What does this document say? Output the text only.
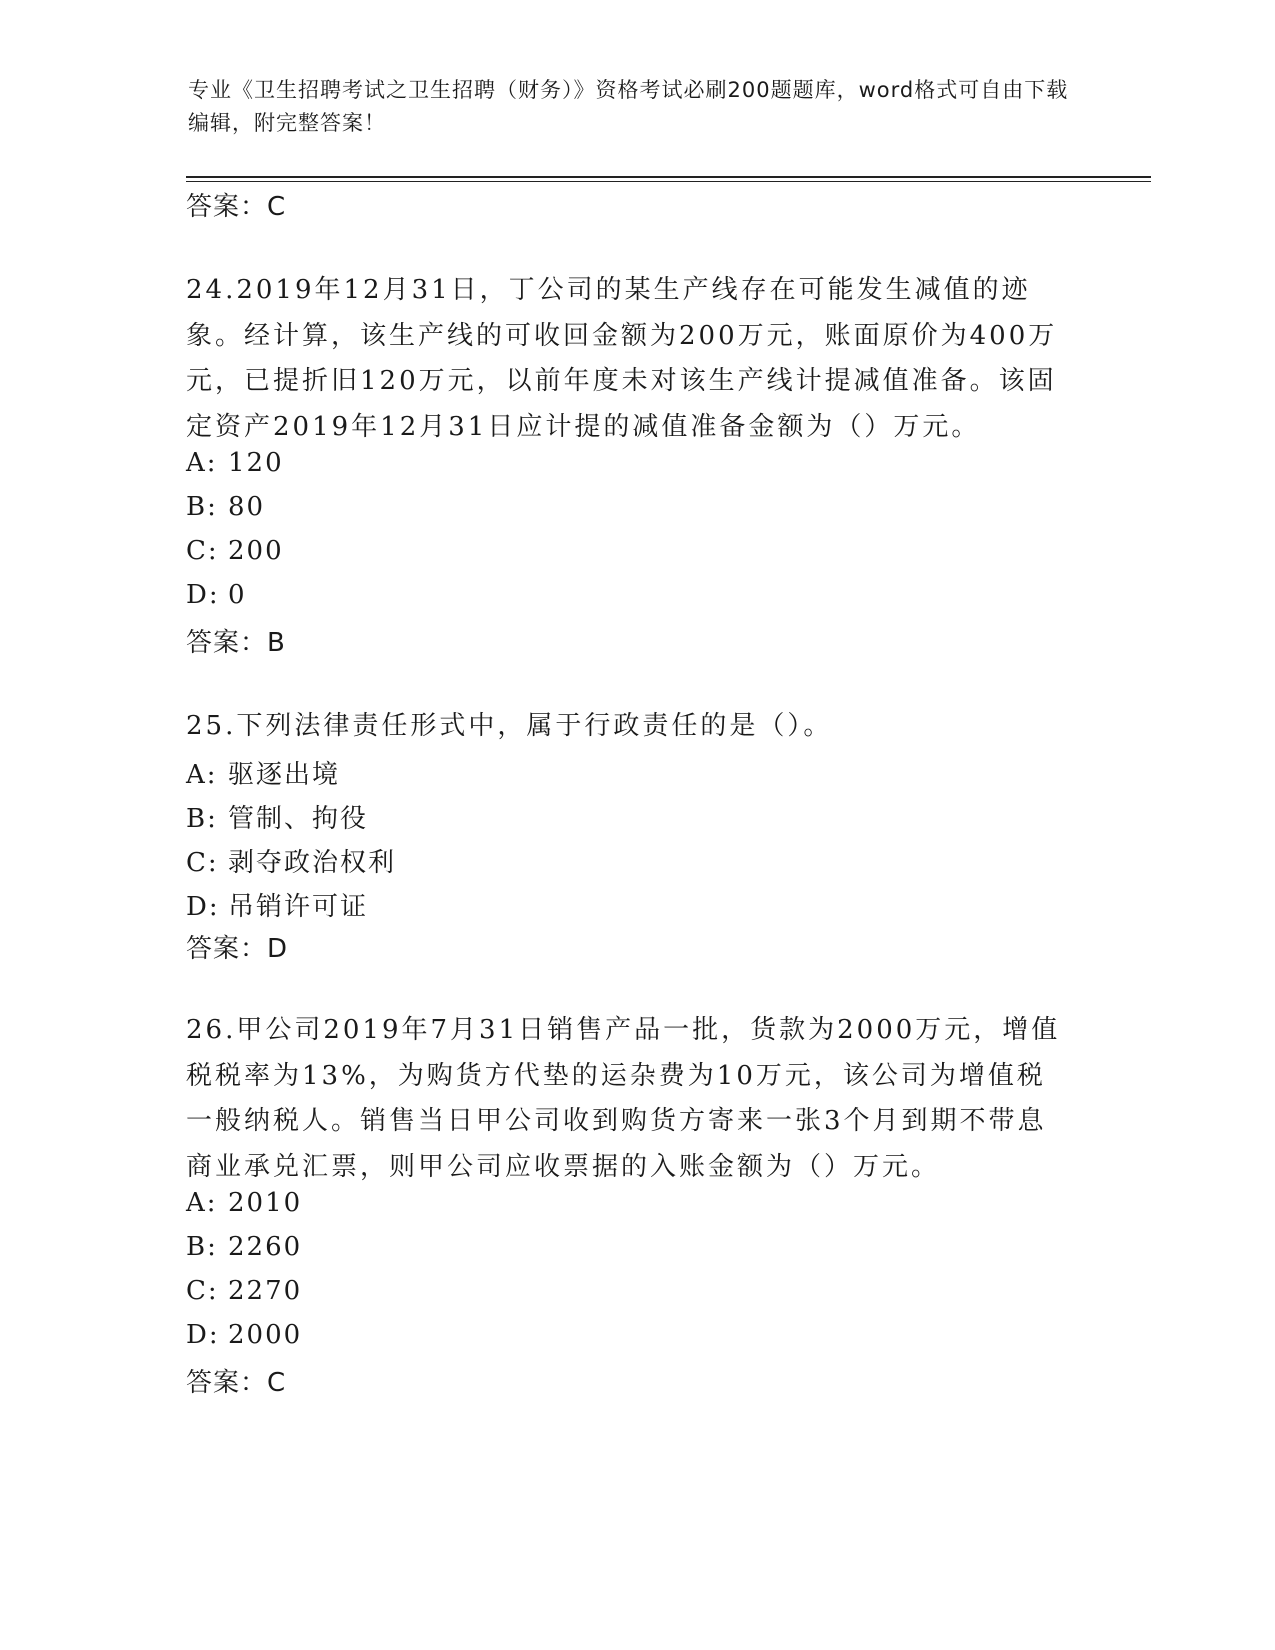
专业《卫生招聘考试之卫生招聘（财务）》资格考试必刷200题题库，word格式可自由下载编辑，附完整答案！
答案：C
24.2019年12月31日，丁公司的某生产线存在可能发生减值的迹象。经计算，该生产线的可收回金额为200万元，账面原价为400万元，已提折旧120万元，以前年度未对该生产线计提减值准备。该固定资产2019年12月31日应计提的减值准备金额为（）万元。
A: 120
B: 80
C: 200
D: 0
答案：B
25.下列法律责任形式中，属于行政责任的是（）。
A: 驱逐出境
B: 管制、拘役
C: 剥夺政治权利
D: 吊销许可证
答案：D
26.甲公司2019年7月31日销售产品一批，货款为2000万元，增值税税率为13%，为购货方代垫的运杂费为10万元，该公司为增值税一般纳税人。销售当日甲公司收到购货方寄来一张3个月到期不带息商业承兑汇票，则甲公司应收票据的入账金额为（）万元。
A: 2010
B: 2260
C: 2270
D: 2000
答案：C
